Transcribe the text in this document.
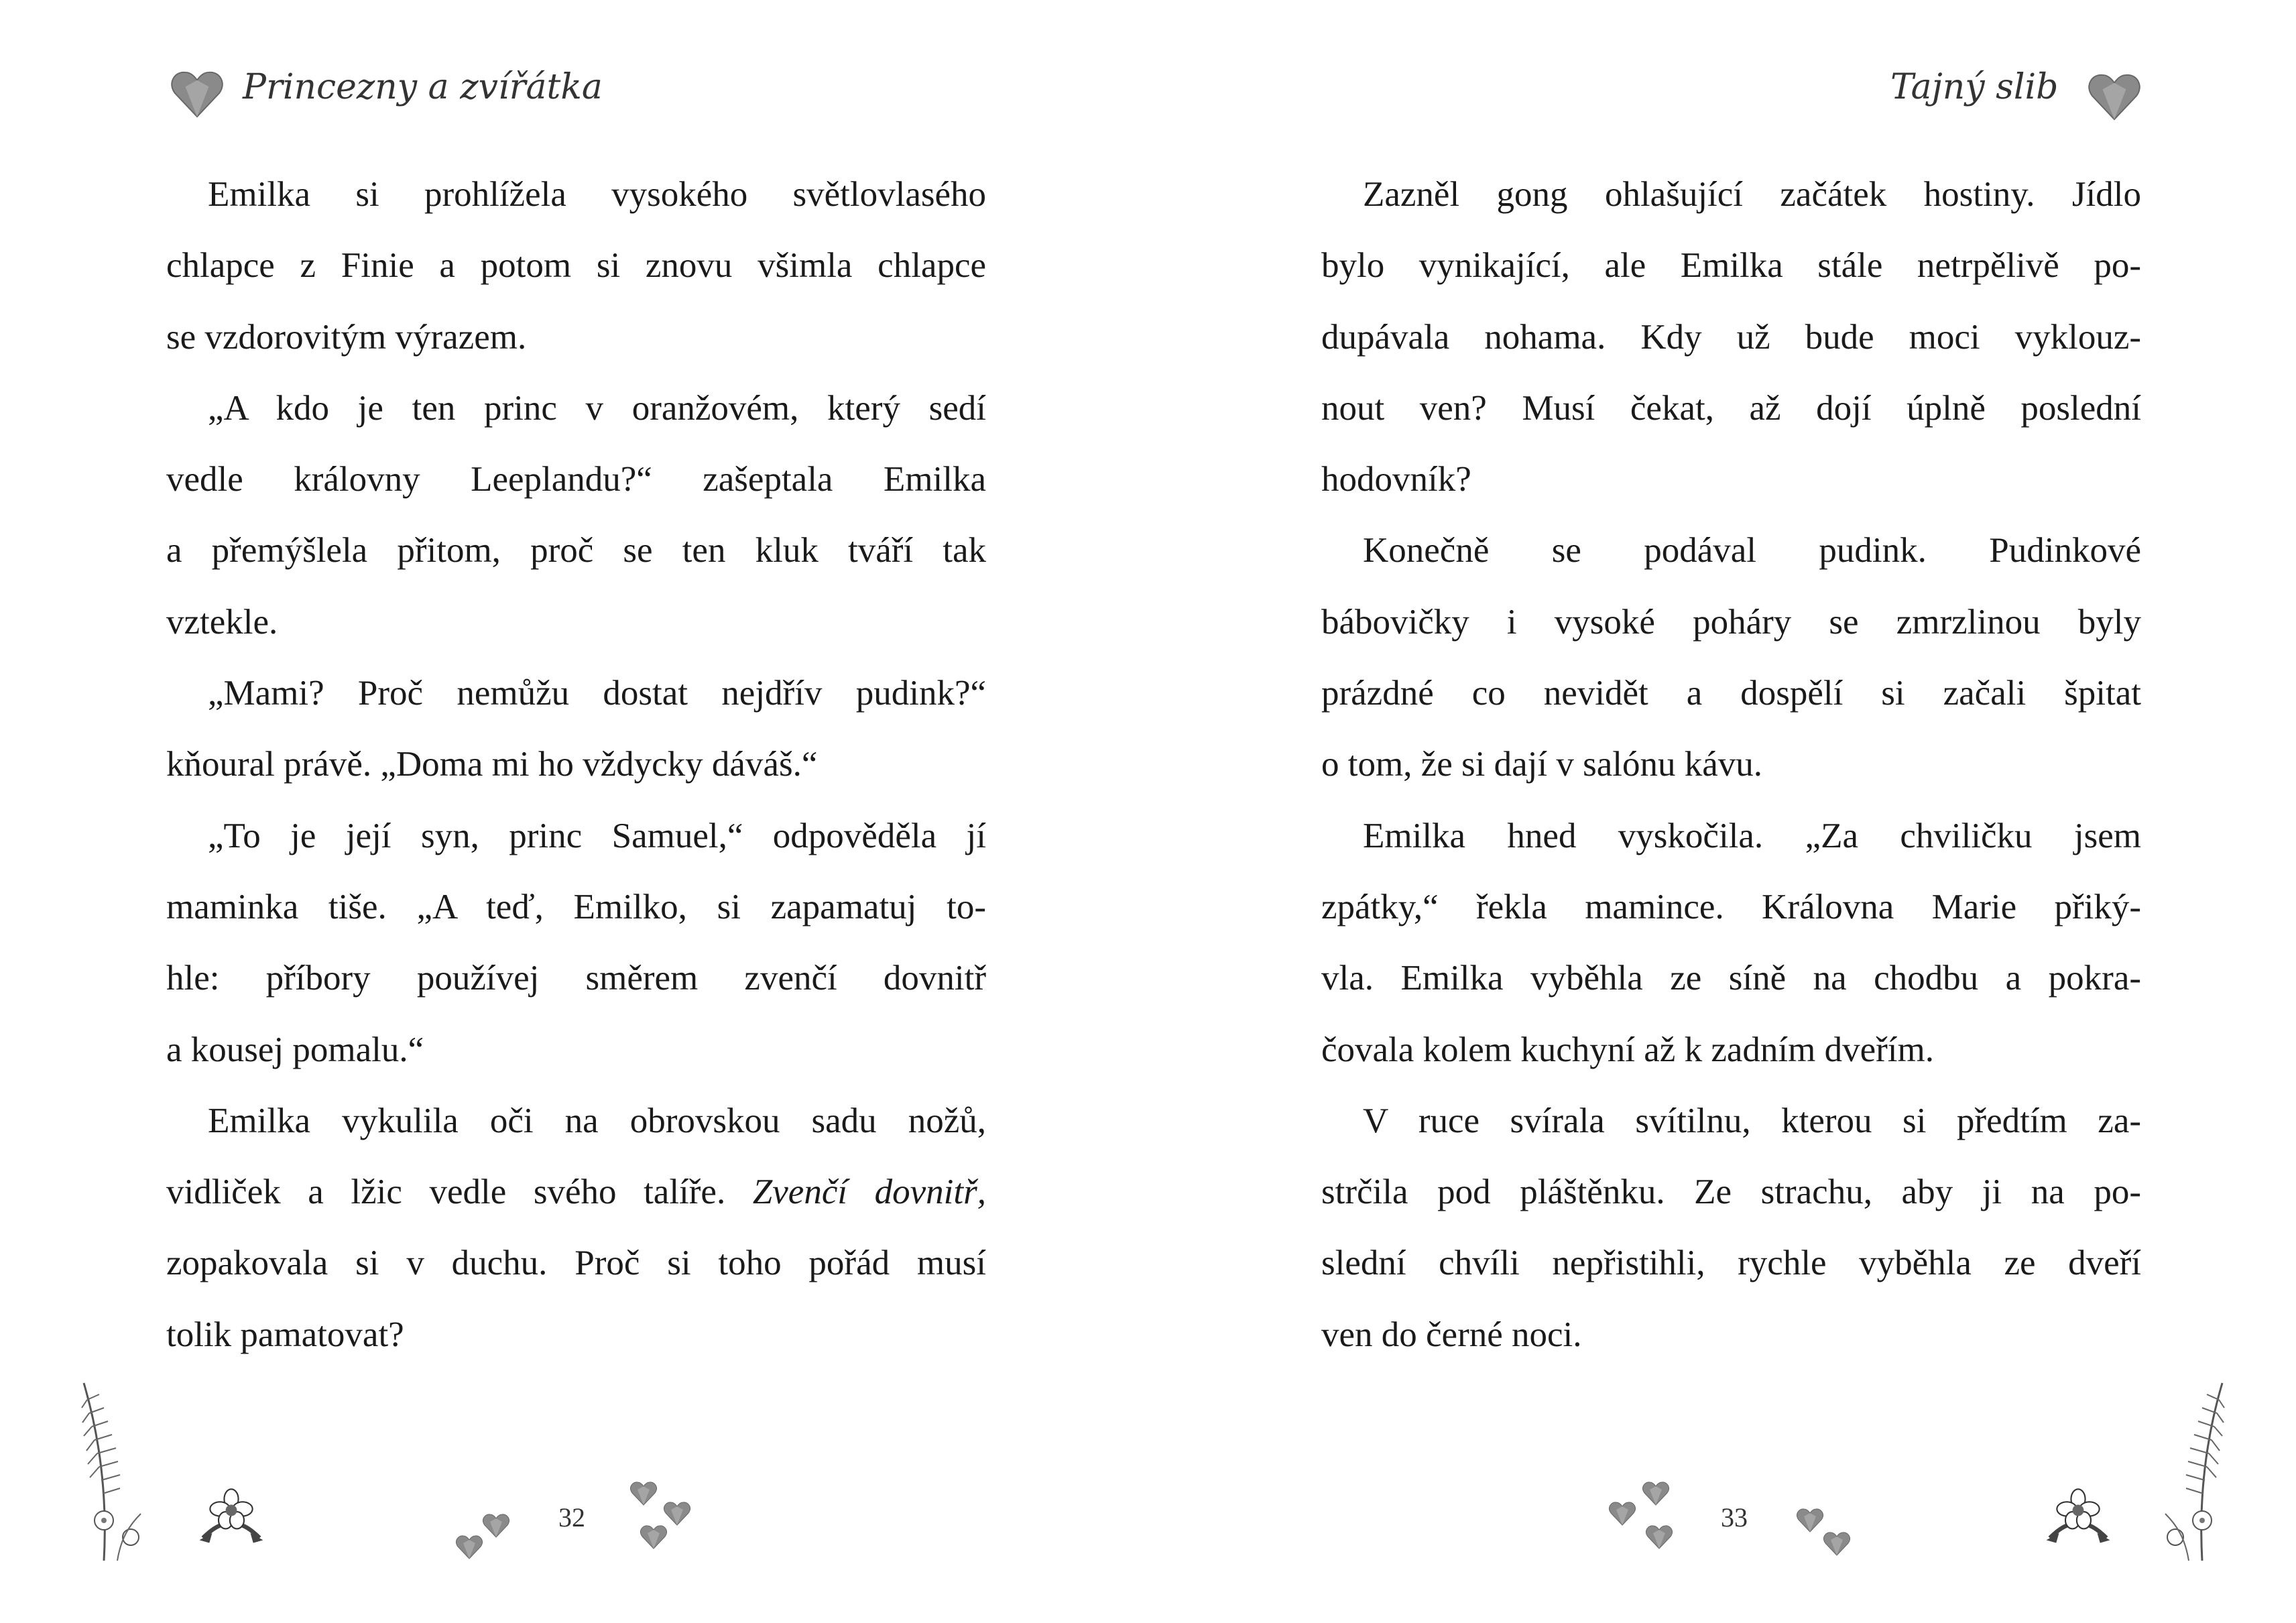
Princezny a zvířátka	Tajný slib
Emilka si prohlížela vysokého světlovlasého
chlapce z Finie a potom si znovu všimla chlapce
se vzdorovitým výrazem.
„A kdo je ten princ v oranžovém, který sedí
vedle královny Leeplandu?“ zašeptala Emilka
a přemýšlela přitom, proč se ten kluk tváří tak
vztekle.
„Mami? Proč nemůžu dostat nejdřív pudink?“
kňoural právě. „Doma mi ho vždycky dáváš.“
„To je její syn, princ Samuel,“ odpověděla jí
maminka tiše. „A teď, Emilko, si zapamatuj to-
hle: příbory používej směrem zvenčí dovnitř
a kousej pomalu.“
Emilka vykulila oči na obrovskou sadu nožů,
vidliček a lžic vedle svého talíře. Zvenčí dovnitř,
zopakovala si v duchu. Proč si toho pořád musí
tolik pamatovat?
Zazněl gong ohlašující začátek hostiny. Jídlo
bylo vynikající, ale Emilka stále netrpělivě po-
dupávala nohama. Kdy už bude moci vyklouz-
nout ven? Musí čekat, až dojí úplně poslední
hodovník?
Konečně se podával pudink. Pudinkové
bábovičky i vysoké poháry se zmrzlinou byly
prázdné co nevidět a dospělí si začali špitat
o tom, že si dají v salónu kávu.
Emilka hned vyskočila. „Za chviličku jsem
zpátky,“ řekla mamince. Královna Marie přiký-
vla. Emilka vyběhla ze síně na chodbu a pokra-
čovala kolem kuchyní až k zadním dveřím.
V ruce svírala svítilnu, kterou si předtím za-
strčila pod pláštěnku. Ze strachu, aby ji na po-
slední chvíli nepřistihli, rychle vyběhla ze dveří
ven do černé noci.
32	33
